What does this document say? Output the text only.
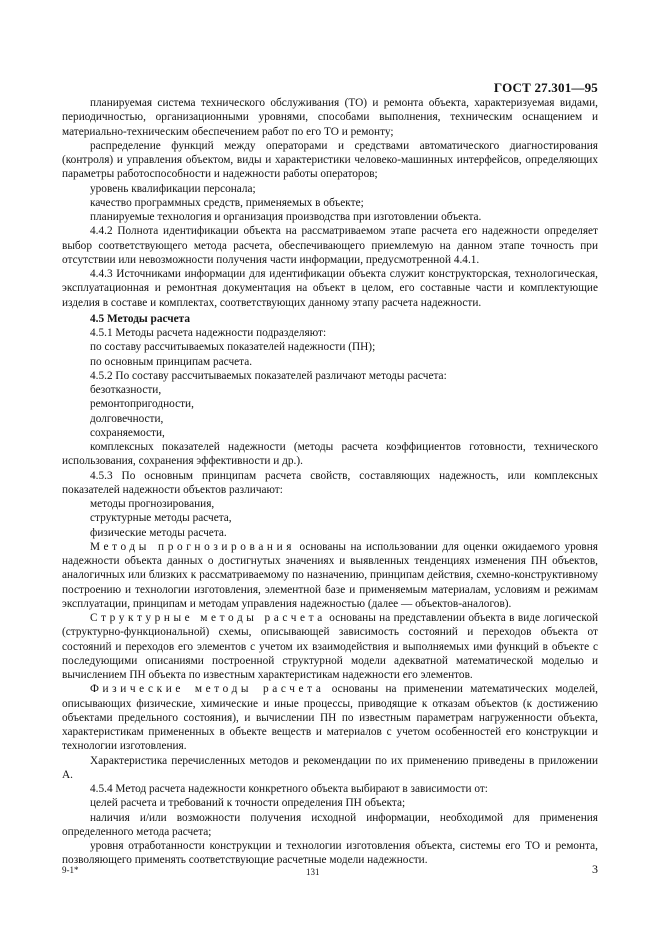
ГОСТ 27.301—95

планируемая система технического обслуживания (ТО) и ремонта объекта, характеризуемая видами, периодичностью, организационными уровнями, способами выполнения, техническим оснащением и материально-техническим обеспечением работ по его ТО и ремонту;

распределение функций между операторами и средствами автоматического диагностирования (контроля) и управления объектом, виды и характеристики человеко-машинных интерфейсов, определяющих параметры работоспособности и надежности работы операторов;

уровень квалификации персонала;

качество программных средств, применяемых в объекте;

планируемые технология и организация производства при изготовлении объекта.

4.4.2 Полнота идентификации объекта на рассматриваемом этапе расчета его надежности определяет выбор соответствующего метода расчета, обеспечивающего приемлемую на данном этапе точность при отсутствии или невозможности получения части информации, предусмотренной 4.4.1.

4.4.3 Источниками информации для идентификации объекта служит конструкторская, технологическая, эксплуатационная и ремонтная документация на объект в целом, его составные части и комплектующие изделия в составе и комплектах, соответствующих данному этапу расчета надежности.

4.5 Методы расчета

4.5.1 Методы расчета надежности подразделяют:

по составу рассчитываемых показателей надежности (ПН);

по основным принципам расчета.

4.5.2 По составу рассчитываемых показателей различают методы расчета:

безотказности,

ремонтопригодности,

долговечности,

сохраняемости,

комплексных показателей надежности (методы расчета коэффициентов готовности, технического использования, сохранения эффективности и др.).

4.5.3 По основным принципам расчета свойств, составляющих надежность, или комплексных показателей надежности объектов различают:

методы прогнозирования,

структурные методы расчета,

физические методы расчета.

Методы прогнозирования основаны на использовании для оценки ожидаемого уровня надежности объекта данных о достигнутых значениях и выявленных тенденциях изменения ПН объектов, аналогичных или близких к рассматриваемому по назначению, принципам действия, схемно-конструктивному построению и технологии изготовления, элементной базе и применяемым материалам, условиям и режимам эксплуатации, принципам и методам управления надежностью (далее — объектов-аналогов).

Структурные методы расчета основаны на представлении объекта в виде логической (структурно-функциональной) схемы, описывающей зависимость состояний и переходов объекта от состояний и переходов его элементов с учетом их взаимодействия и выполняемых ими функций в объекте с последующими описаниями построенной структурной модели адекватной математической моделью и вычислением ПН объекта по известным характеристикам надежности его элементов.

Физические методы расчета основаны на применении математических моделей, описывающих физические, химические и иные процессы, приводящие к отказам объектов (к достижению объектами предельного состояния), и вычислении ПН по известным параметрам нагруженности объекта, характеристикам примененных в объекте веществ и материалов с учетом особенностей его конструкции и технологии изготовления.

Характеристика перечисленных методов и рекомендации по их применению приведены в приложении А.

4.5.4 Метод расчета надежности конкретного объекта выбирают в зависимости от:

целей расчета и требований к точности определения ПН объекта;

наличия и/или возможности получения исходной информации, необходимой для применения определенного метода расчета;

уровня отработанности конструкции и технологии изготовления объекта, системы его ТО и ремонта, позволяющего применять соответствующие расчетные модели надежности.

9-1*	131	3
